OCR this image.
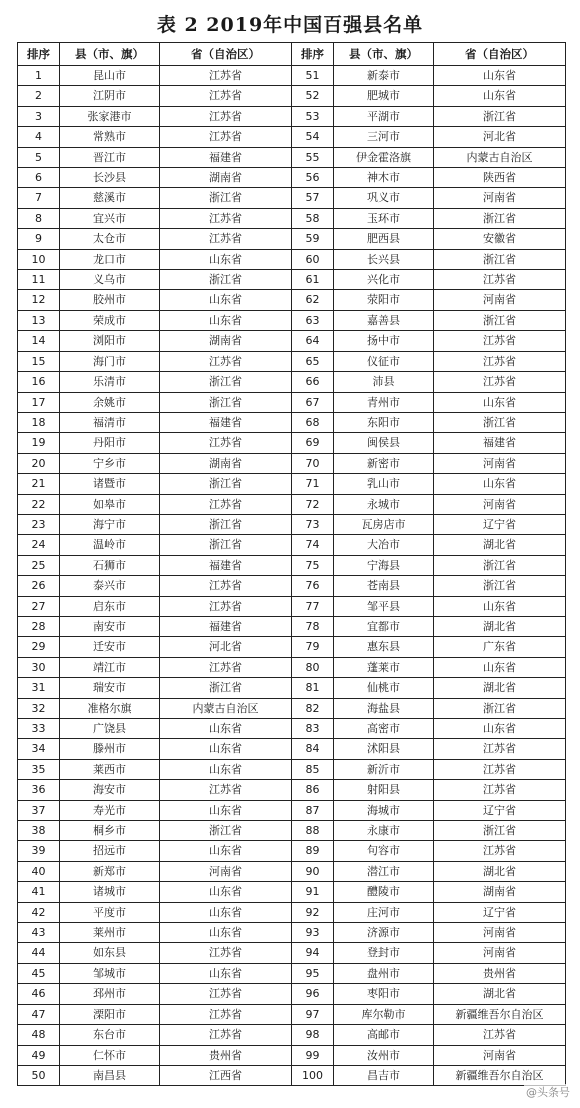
表 2 2019年中国百强县名单
排序	县（市、旗）	省（自治区）	排序	县（市、旗）	省（自治区）
1	昆山市	江苏省	51	新泰市	山东省
2	江阴市	江苏省	52	肥城市	山东省
3	张家港市	江苏省	53	平湖市	浙江省
4	常熟市	江苏省	54	三河市	河北省
5	晋江市	福建省	55	伊金霍洛旗	内蒙古自治区
6	长沙县	湖南省	56	神木市	陕西省
7	慈溪市	浙江省	57	巩义市	河南省
8	宜兴市	江苏省	58	玉环市	浙江省
9	太仓市	江苏省	59	肥西县	安徽省
10	龙口市	山东省	60	长兴县	浙江省
11	义乌市	浙江省	61	兴化市	江苏省
12	胶州市	山东省	62	荥阳市	河南省
13	荣成市	山东省	63	嘉善县	浙江省
14	浏阳市	湖南省	64	扬中市	江苏省
15	海门市	江苏省	65	仪征市	江苏省
16	乐清市	浙江省	66	沛县	江苏省
17	余姚市	浙江省	67	青州市	山东省
18	福清市	福建省	68	东阳市	浙江省
19	丹阳市	江苏省	69	闽侯县	福建省
20	宁乡市	湖南省	70	新密市	河南省
21	诸暨市	浙江省	71	乳山市	山东省
22	如皋市	江苏省	72	永城市	河南省
23	海宁市	浙江省	73	瓦房店市	辽宁省
24	温岭市	浙江省	74	大冶市	湖北省
25	石狮市	福建省	75	宁海县	浙江省
26	泰兴市	江苏省	76	苍南县	浙江省
27	启东市	江苏省	77	邹平县	山东省
28	南安市	福建省	78	宜都市	湖北省
29	迁安市	河北省	79	惠东县	广东省
30	靖江市	江苏省	80	蓬莱市	山东省
31	瑞安市	浙江省	81	仙桃市	湖北省
32	准格尔旗	内蒙古自治区	82	海盐县	浙江省
33	广饶县	山东省	83	高密市	山东省
34	滕州市	山东省	84	沭阳县	江苏省
35	莱西市	山东省	85	新沂市	江苏省
36	海安市	江苏省	86	射阳县	江苏省
37	寿光市	山东省	87	海城市	辽宁省
38	桐乡市	浙江省	88	永康市	浙江省
39	招远市	山东省	89	句容市	江苏省
40	新郑市	河南省	90	潜江市	湖北省
41	诸城市	山东省	91	醴陵市	湖南省
42	平度市	山东省	92	庄河市	辽宁省
43	莱州市	山东省	93	济源市	河南省
44	如东县	江苏省	94	登封市	河南省
45	邹城市	山东省	95	盘州市	贵州省
46	邳州市	江苏省	96	枣阳市	湖北省
47	溧阳市	江苏省	97	库尔勒市	新疆维吾尔自治区
48	东台市	江苏省	98	高邮市	江苏省
49	仁怀市	贵州省	99	汝州市	河南省
50	南昌县	江西省	100	昌吉市	新疆维吾尔自治区
@头条号
